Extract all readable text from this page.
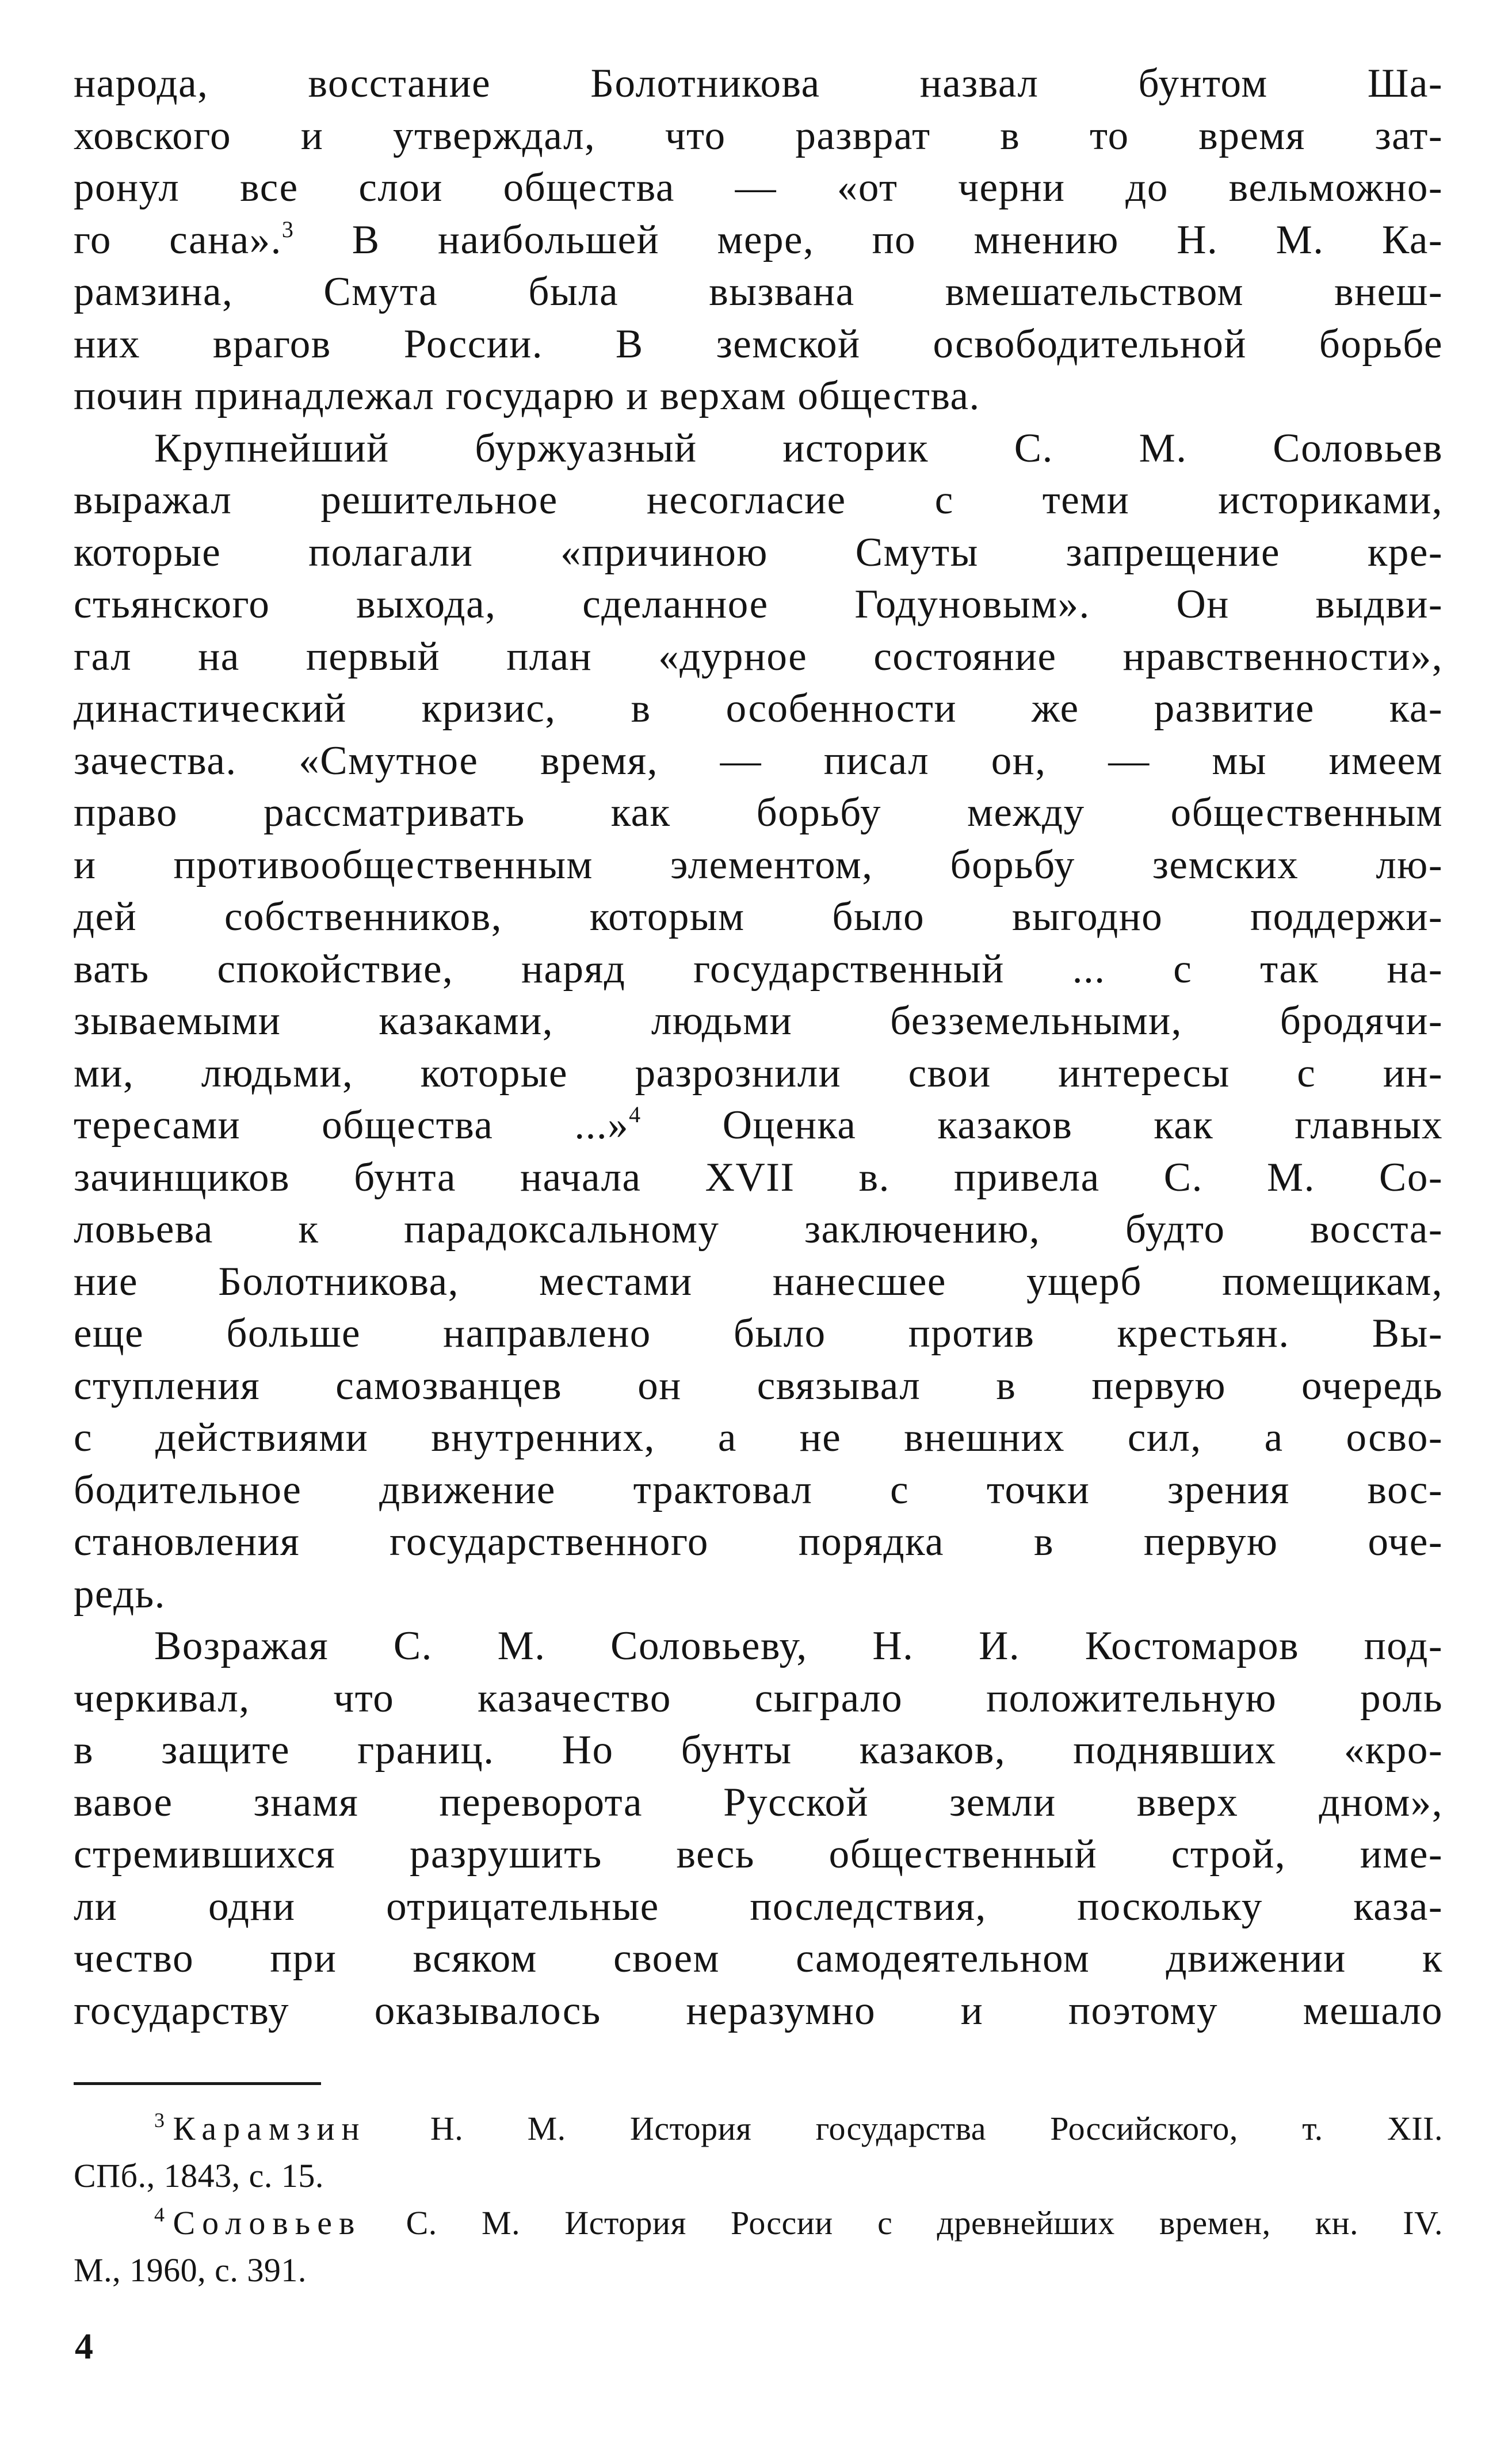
народа, восстание Болотникова назвал бунтом Ша-
ховского и утверждал, что разврат в то время зат-
ронул все слои общества — «от черни до вельможно-
го сана».$^3$ В наибольшей мере, по мнению Н. М. Ка-
рамзина, Смута была вызвана вмешательством внеш-
них врагов России. В земской освободительной борьбе
почин принадлежал государю и верхам общества.
Крупнейший буржуазный историк С. М. Соловьев
выражал решительное несогласие с теми историками,
которые полагали «причиною Смуты запрещение кре-
стьянского выхода, сделанное Годуновым». Он выдви-
гал на первый план «дурное состояние нравственности»,
династический кризис, в особенности же развитие ка-
зачества. «Смутное время, — писал он, — мы имеем
право рассматривать как борьбу между общественным
и противообщественным элементом, борьбу земских лю-
дей собственников, которым было выгодно поддержи-
вать спокойствие, наряд государственный ... с так на-
зываемыми казаками, людьми безземельными, бродячи-
ми, людьми, которые разрознили свои интересы с ин-
тересами общества ...»$^4$ Оценка казаков как главных
зачинщиков бунта начала XVII в. привела С. М. Со-
ловьева к парадоксальному заключению, будто восста-
ние Болотникова, местами нанесшее ущерб помещикам,
еще больше направлено было против крестьян. Вы-
ступления самозванцев он связывал в первую очередь
с действиями внутренних, а не внешних сил, а осво-
бодительное движение трактовал с точки зрения вос-
становления государственного порядка в первую оче-
редь.
Возражая С. М. Соловьеву, Н. И. Костомаров под-
черкивал, что казачество сыграло положительную роль
в защите границ. Но бунты казаков, поднявших «кро-
вавое знамя переворота Русской земли вверх дном»,
стремившихся разрушить весь общественный строй, име-
ли одни отрицательные последствия, поскольку каза-
чество при всяком своем самодеятельном движении к
государству оказывалось неразумно и поэтому мешало
$^3$ Карамзин Н. М. История государства Российского, т. XII.
СПб., 1843, с. 15.
$^4$ Соловьев С. М. История России с древнейших времен, кн. IV.
М., 1960, с. 391.
4
